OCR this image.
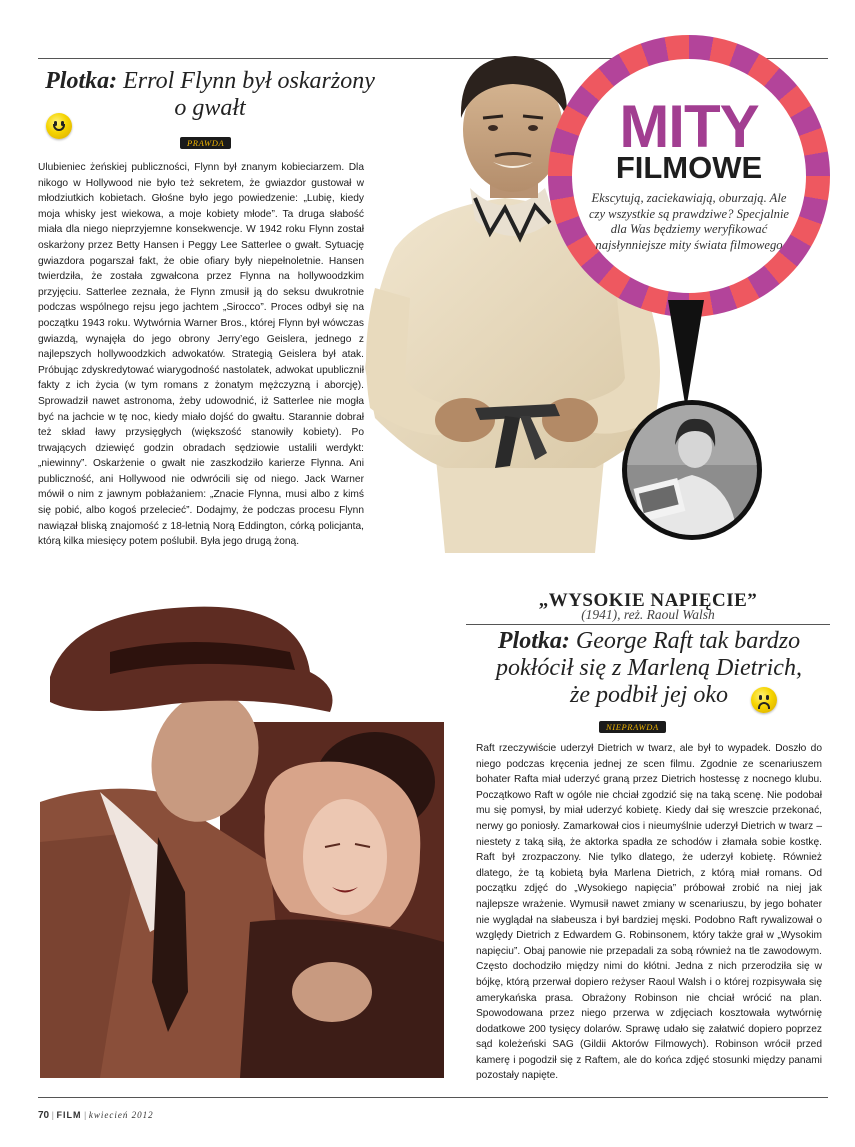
Plotka: Errol Flynn był oskarżony o gwałt
PRAWDA

Ulubieniec żeńskiej publiczności, Flynn był znanym kobieciarzem. Dla nikogo w Hollywood nie było też sekretem, że gwiazdor gustował w młodziutkich kobietach. Głośne było jego powiedzenie: „Lubię, kiedy moja whisky jest wiekowa, a moje kobiety młode”. Ta druga słabość miała dla niego nieprzyjemne konsekwencje. W 1942 roku Flynn został oskarżony przez Betty Hansen i Peggy Lee Satterlee o gwałt. Sytuację gwiazdora pogarszał fakt, że obie ofiary były niepełnoletnie. Hansen twierdziła, że została zgwałcona przez Flynna na hollywoodzkim przyjęciu. Satterlee zeznała, że Flynn zmusił ją do seksu dwukrotnie podczas wspólnego rejsu jego jachtem „Sirocco”. Proces odbył się na początku 1943 roku. Wytwórnia Warner Bros., której Flynn był wówczas gwiazdą, wynajęła do jego obrony Jerry’ego Geislera, jednego z najlepszych hollywoodzkich adwokatów. Strategią Geislera był atak. Próbując zdyskredytować wiarygodność nastolatek, adwokat upublicznił fakty z ich życia (w tym romans z żonatym mężczyzną i aborcję). Sprowadził nawet astronoma, żeby udowodnić, iż Satterlee nie mogła być na jachcie w tę noc, kiedy miało dojść do gwałtu. Starannie dobrał też skład ławy przysięgłych (większość stanowiły kobiety). Po trwających dziewięć godzin obradach sędziowie ustalili werdykt: „niewinny”. Oskarżenie o gwałt nie zaszkodziło karierze Flynna. Ani publiczność, ani Hollywood nie odwrócili się od niego. Jack Warner mówił o nim z jawnym pobłażaniem: „Znacie Flynna, musi albo z kimś się pobić, albo kogoś przelecieć”. Dodajmy, że podczas procesu Flynn nawiązał bliską znajomość z 18-letnią Norą Eddington, córką policjanta, którą kilka miesięcy potem poślubił. Była jego drugą żoną.

MITY
FILMOWE
Ekscytują, zaciekawiają, oburzają. Ale czy wszystkie są prawdziwe? Specjalnie dla Was będziemy weryfikować najsłynniejsze mity świata filmowego
„WYSOKIE NAPIĘCIE”
(1941), reż. Raoul Walsh
Plotka: George Raft tak bardzo pokłócił się z Marleną Dietrich, że podbił jej oko
NIEPRAWDA

Raft rzeczywiście uderzył Dietrich w twarz, ale był to wypadek. Doszło do niego podczas kręcenia jednej ze scen filmu. Zgodnie ze scenariuszem bohater Rafta miał uderzyć graną przez Dietrich hostessę z nocnego klubu. Początkowo Raft w ogóle nie chciał zgodzić się na taką scenę. Nie podobał mu się pomysł, by miał uderzyć kobietę. Kiedy dał się wreszcie przekonać, nerwy go poniosły. Zamarkował cios i nieumyślnie uderzył Dietrich w twarz – niestety z taką siłą, że aktorka spadła ze schodów i złamała sobie kostkę. Raft był zrozpaczony. Nie tylko dlatego, że uderzył kobietę. Również dlatego, że tą kobietą była Marlena Dietrich, z którą miał romans. Od początku zdjęć do „Wysokiego napięcia” próbował zrobić na niej jak najlepsze wrażenie. Wymusił nawet zmiany w scenariuszu, by jego bohater nie wyglądał na słabeusza i był bardziej męski. Podobno Raft rywalizował o względy Dietrich z Edwardem G. Robinsonem, który także grał w „Wysokim napięciu”. Obaj panowie nie przepadali za sobą również na tle zawodowym. Często dochodziło między nimi do kłótni. Jedna z nich przerodziła się w bójkę, którą przerwał dopiero reżyser Raoul Walsh i o której rozpisywała się amerykańska prasa. Obrażony Robinson nie chciał wrócić na plan. Spowodowana przez niego przerwa w zdjęciach kosztowała wytwórnię dodatkowe 200 tysięcy dolarów. Sprawę udało się załatwić dopiero poprzez sąd koleżeński SAG (Gildii Aktorów Filmowych). Robinson wrócił przed kamerę i pogodził się z Raftem, ale do końca zdjęć stosunki między panami pozostały napięte.

70 | FILM | kwiecień 2012
